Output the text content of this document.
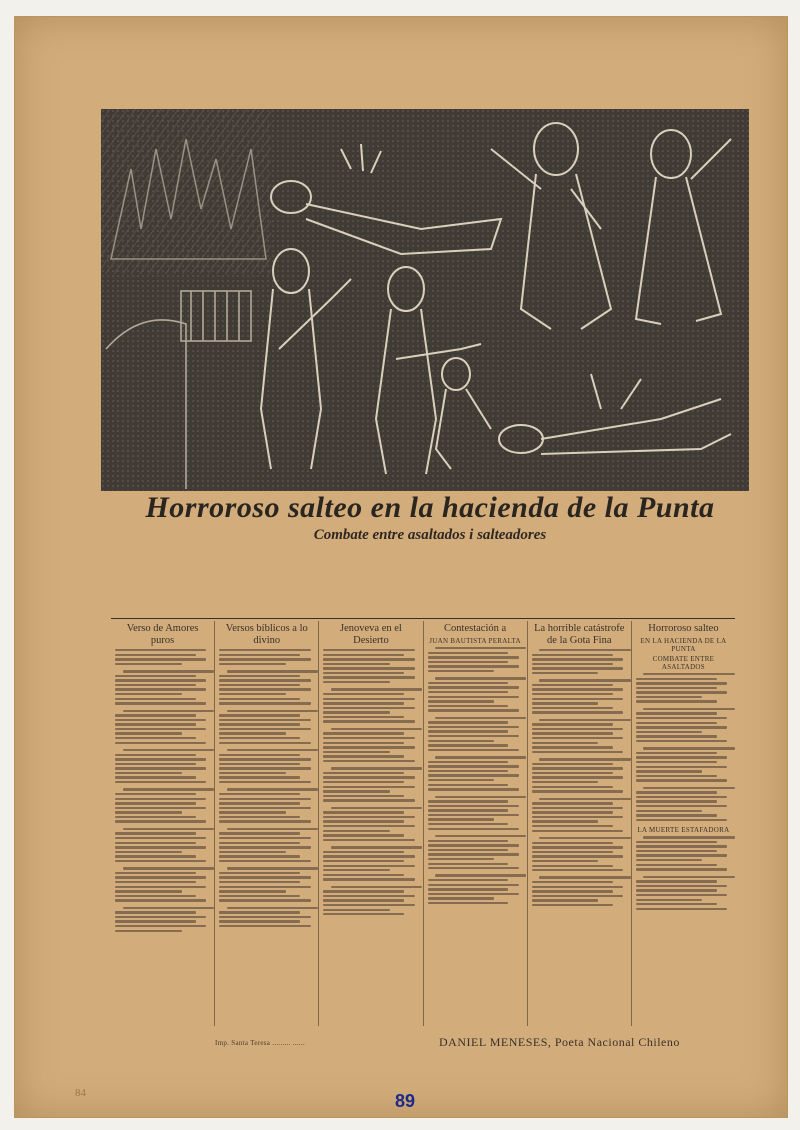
Horroroso salteo en la hacienda de la Punta
Combate entre asaltados i salteadores
Verso de Amores puros
Versos bíblicos a lo divino
Jenoveva en el Desierto
Contestación a
JUAN BAUTISTA PERALTA
La horrible catástrofe de la Gota Fina
Horroroso salteo
EN LA HACIENDA DE LA PUNTA
COMBATE ENTRE ASALTADOS
LA MUERTE ESTAFADORA
Imp. Santa Teresa ......... ......	DANIEL MENESES, Poeta Nacional Chileno
84	89
